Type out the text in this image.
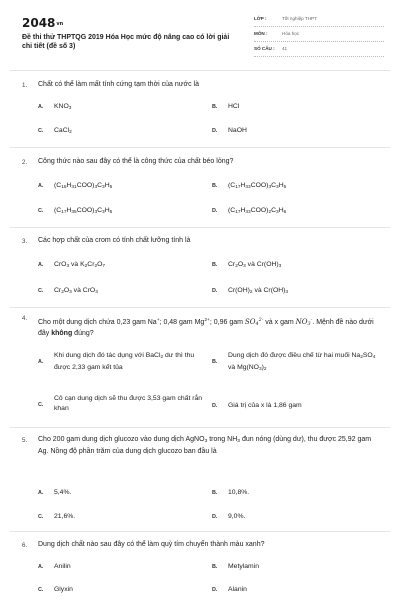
2048vn
Đề thi thử THPTQG 2019 Hóa Học mức độ nâng cao có lời giải chi tiết (đề số 3)
LỚP :	Tốt nghiệp THPT
MÔN :	Hóa học
SỐ CÂU : 41
1. Chất có thể làm mất tính cứng tạm thời của nước là
A. $KNO_3$	B. HCl
C. CaCl$_2$	D. NaOH
2. Công thức nào sau đây có thể là công thức của chất béo lỏng?
A. $(C_{15}H_{31}COO)_3C_3H_5$	B. $(C_{17}H_{33}COO)_3C_3H_5$
C. $(C_{17}H_{35}COO)_3C_3H_5$	D. $(C_{17}H_{33}COO)_2C_3H_6$
3. Các hợp chất của crom có tính chất lưỡng tính là
A. CrO$_3$ và $K_2Cr_2O_7$	B. $Cr_2O_3$ và $Cr(OH)_3$
C. $Cr_2O_3$ và CrO$_3$	D. $Cr(OH)_2$ và $Cr(OH)_3$
4.
Cho một dung dịch chứa 0,23 gam Na+; 0,48 gam $Mg^{2+}$; 0,96 gam $SO_4^{2-}$ và x gam $NO_3^-$. Mệnh đề nào dưới đây không đúng?
A.
Khi dung dịch đó tác dụng với BaCl$_2$ dư thì thu được 2,33 gam kết tủa
B.
Dung dịch đó được điều chế từ hai muối $Na_2SO_4$ và $Mg(NO_3)_2$
C.
Cô cạn dung dịch sẽ thu được 3,53 gam chất rắn khan	D. Giá trị của x là 1,86 gam
5. Cho 200 gam dung dịch glucozo vào dung dịch AgNO$_3$ trong $NH_3$ đun nóng (dùng dư), thu được 25,92 gam Ag. Nồng độ phần trăm của dung dịch glucozo ban đầu là
A. 5,4%.	B. 10,8%.
C. 21,6%.	D. 9,0%.
6. Dung dịch chất nào sau đây có thể làm quỳ tím chuyển thành màu xanh?
A. Anilin	B. Metylamin
C. Glyxin	D. Alanin
